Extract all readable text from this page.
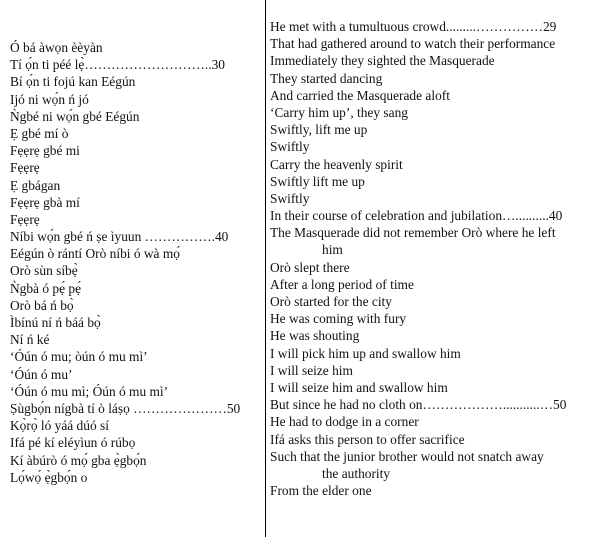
Ó bá àwọn èèyàn
Tí ọ́n ti péé lẹ̀………………………..30
Bí ọ́n ti fojú kan Eégún
Ijó ni wọ́n ń jó
Ǹgbé ni wọ́n gbé Eégún
Ẹ gbé mí ò
Fẹẹrẹ gbé mi
Fẹẹrẹ
Ẹ gbágan
Fẹẹrẹ gbà mí
Fẹẹrẹ
Níbi wọ́n gbé ń ṣe ìyuun …………….40
Eégún ò rántí Orò níbi ó wà mọ́
Orò sùn síbẹ̀
Ǹgbà ó pẹ́ pẹ́
Orò bá ń bọ̀
Ìbínú ní ń báá bọ̀
Ní ń ké
‘Óún ó mu; òún ó mu mì’
‘Óún ó mu’
‘Óún ó mu mì; Óún ó mu mì’
Ṣùgbọ́n nígbà tí ò láṣọ …………………50
Kọ̀rọ̀ ló yáá dúó sí
Ifá pé kí eléyìun ó rúbọ
Kí àbúrò ó mọ́ gba ẹ̀gbọ́n
Lọ́wọ́ ẹ̀gbọ́n o
He met with a tumultuous crowd.........……………29
That had gathered around to watch their performance
Immediately they sighted the Masquerade
They started dancing
And carried the Masquerade aloft
‘Carry him up’, they sang
Swiftly, lift me up
Swiftly
Carry the heavenly spirit
Swiftly lift me up
Swiftly
In their course of celebration and jubilation…..........40
The Masquerade did not remember Orò where he left
him
Orò slept there
After a long period of time
Orò started for the city
He was coming with fury
He was shouting
I will pick him up and swallow him
I will seize him
I will seize him and swallow him
But since he had no cloth on………………...........…50
He had to dodge in a corner
Ifá asks this person to offer sacrifice
Such that the junior brother would not snatch away
the authority
From the elder one
